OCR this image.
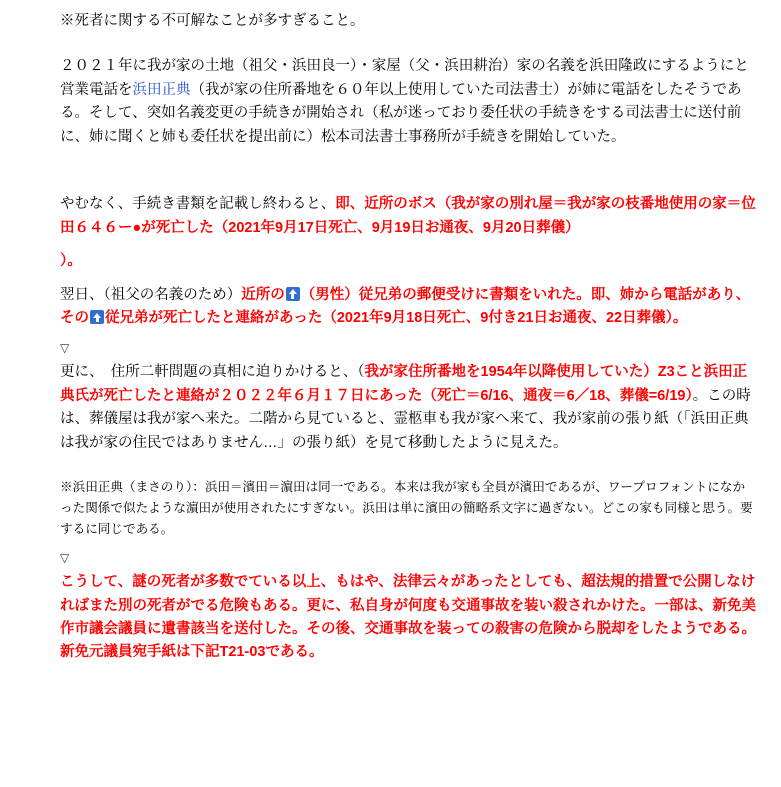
※死者に関する不可解なことが多すぎること。

２０２１年に我が家の土地（祖父・浜田良一）・家屋（父・浜田耕治）家の名義を浜田隆政にするようにと営業電話を浜田正典（我が家の住所番地を６０年以上使用していた司法書士）が姉に電話をしたそうである。そして、突如名義変更の手続きが開始され（私が迷っており委任状の手続きをする司法書士に送付前に、姉に聞くと姉も委任状を提出前に）松本司法書士事務所が手続きを開始していた。

やむなく、手続き書類を記載し終わると、即、近所のボス（我が家の別れ屋＝我が家の枝番地使用の家＝位田６４６ー●が死亡した（2021年9月17日死亡、9月19日お通夜、9月20日葬儀）

）。

翌日、（祖父の名義のため）近所の （男性）従兄弟の郵便受けに書類をいれた。即、姉から電話があり、その 従兄弟が死亡したと連絡があった（2021年9月18日死亡、9付き21日お通夜、22日葬儀）。

▽

更に、　住所二軒問題の真相に迫りかけると、（我が家住所番地を1954年以降使用していた）Z3こと浜田正典氏が死亡したと連絡が２０２２年６月１７日にあった（死亡＝6/16、通夜＝6／18、葬儀=6/19）。この時は、葬儀屋は我が家へ来た。二階から見ていると、霊柩車も我が家へ来て、我が家前の張り紙（「浜田正典は我が家の住民ではありません…」の張り紙）を見て移動したように見えた。

※浜田正典（まさのり）：浜田＝濱田＝濵田は同一である。本来は我が家も全員が濱田であるが、ワープロフォントになかった関係で似たような濵田が使用されたにすぎない。浜田は単に濱田の簡略系文字に過ぎない。どこの家も同様と思う。要するに同じである。

▽

こうして、謎の死者が多数でている以上、もはや、法律云々があったとしても、超法規的措置で公開しなければまた別の死者がでる危険もある。更に、私自身が何度も交通事故を装い殺されかけた。一部は、新免美作市議会議員に遺書該当を送付した。その後、交通事故を装っての殺害の危険から脱却をしたようである。新免元議員宛手紙は下記T21-03である。
